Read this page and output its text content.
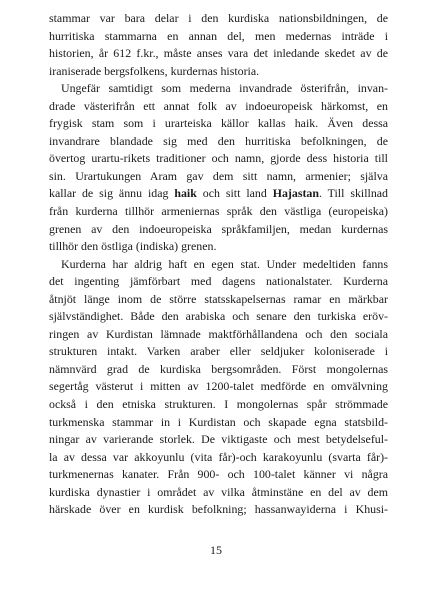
stammar var bara delar i den kurdiska nationsbildningen, de
hurritiska stammarna en annan del, men medernas inträde i
historien, år 612 f.kr., måste anses vara det inledande skedet av de
iraniserade bergsfolkens, kurdernas historia.

Ungefär samtidigt som mederna invandrade österifrån, invan-
drade västerifrån ett annat folk av indoeuropeisk härkomst, en
frygisk stam som i urarteiska källor kallas haik. Även dessa
invandrare blandade sig med den hurritiska befolkningen, de
övertog urartu-rikets traditioner och namn, gjorde dess historia till
sin. Urartukungen Aram gav dem sitt namn, armenier; själva
kallar de sig ännu idag haik och sitt land Hajastan. Till skillnad
från kurderna tillhör armeniernas språk den västliga (europeiska)
grenen av den indoeuropeiska språkfamiljen, medan kurdernas
tillhör den östliga (indiska) grenen.

Kurderna har aldrig haft en egen stat. Under medeltiden fanns
det ingenting jämförbart med dagens nationalstater. Kurderna
åtnjöt länge inom de större statsskapelsernas ramar en märkbar
självständighet. Både den arabiska och senare den turkiska eröv-
ringen av Kurdistan lämnade maktförhållandena och den sociala
strukturen intakt. Varken araber eller seldjuker koloniserade i
nämnvärd grad de kurdiska bergsområden. Först mongolernas
segertåg västerut i mitten av 1200-talet medförde en omvälvning
också i den etniska strukturen. I mongolernas spår strömmade
turkmenska stammar in i Kurdistan och skapade egna statsbild-
ningar av varierande storlek. De viktigaste och mest betydelseful-
la av dessa var akkoyunlu (vita får)-och karakoyunlu (svarta får)-
turkmenernas kanater. Från 900- och 100-talet känner vi några
kurdiska dynastier i området av vilka åtminstäne en del av dem
härskade över en kurdisk befolkning; hassanwayiderna i Khusi-

15
